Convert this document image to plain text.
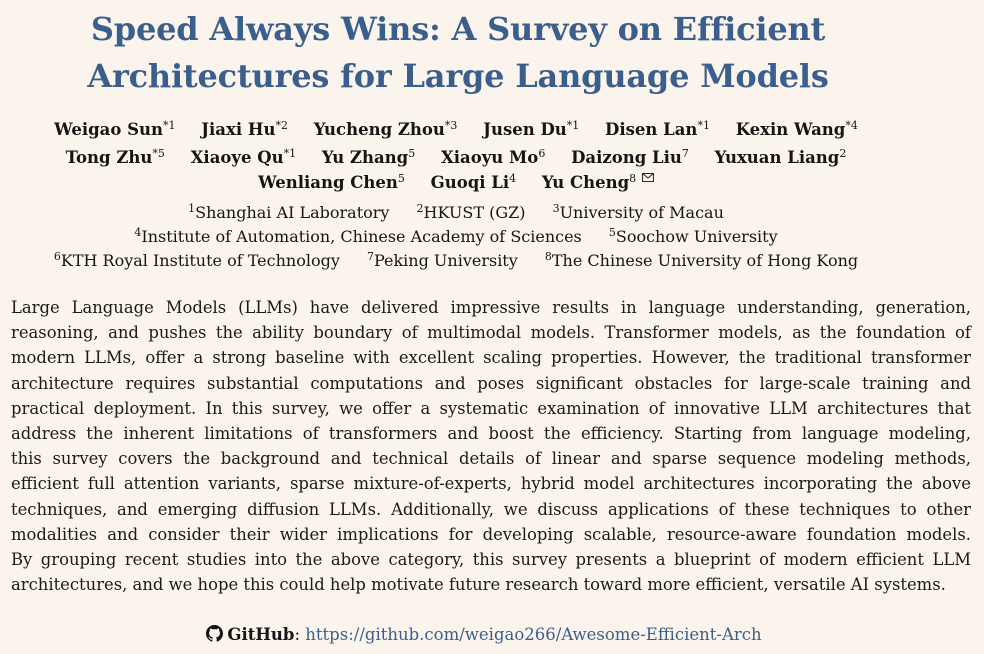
Speed Always Wins: A Survey on Efficient
Architectures for Large Language Models
Weigao Sun$^{*1}$ Jiaxi Hu$^{*2}$ Yucheng Zhou$^{*3}$ Jusen Du$^{*1}$ Disen Lan$^{*1}$ Kexin Wang$^{*4}$
Tong Zhu$^{*5}$ Xiaoye Qu$^{*1}$ Yu Zhang$^5$ Xiaoyu Mo$^6$ Daizong Liu$^7$ Yuxuan Liang$^2$
Wenliang Chen$^5$ Guoqi Li$^4$ Yu Cheng$^8$
$^1$Shanghai AI Laboratory $^2$HKUST (GZ) $^3$University of Macau
$^4$Institute of Automation, Chinese Academy of Sciences $^5$Soochow University
$^6$KTH Royal Institute of Technology $^7$Peking University $^8$The Chinese University of Hong Kong
Large Language Models (LLMs) have delivered impressive results in language understanding, generation,
reasoning, and pushes the ability boundary of multimodal models. Transformer models, as the foundation of
modern LLMs, offer a strong baseline with excellent scaling properties. However, the traditional transformer
architecture requires substantial computations and poses significant obstacles for large-scale training and
practical deployment. In this survey, we offer a systematic examination of innovative LLM architectures that
address the inherent limitations of transformers and boost the efficiency. Starting from language modeling,
this survey covers the background and technical details of linear and sparse sequence modeling methods,
efficient full attention variants, sparse mixture-of-experts, hybrid model architectures incorporating the above
techniques, and emerging diffusion LLMs. Additionally, we discuss applications of these techniques to other
modalities and consider their wider implications for developing scalable, resource-aware foundation models.
By grouping recent studies into the above category, this survey presents a blueprint of modern efficient LLM
architectures, and we hope this could help motivate future research toward more efficient, versatile AI systems.
GitHub: https://github.com/weigao266/Awesome-Efficient-Arch
